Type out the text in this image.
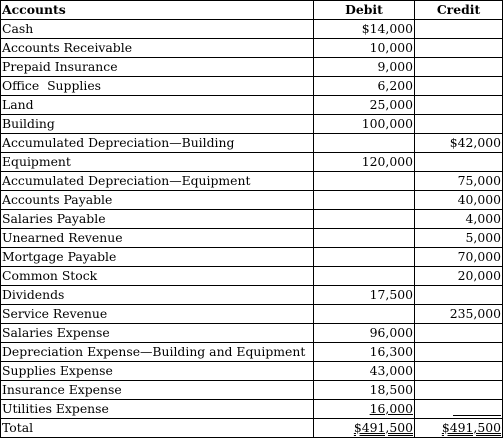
Accounts	Debit	Credit
Cash	$14,000	
Accounts Receivable	10,000	
Prepaid Insurance	9,000	
Office  Supplies	6,200	
Land	25,000	
Building	100,000	
Accumulated Depreciation—Building		$42,000
Equipment	120,000	
Accumulated Depreciation—Equipment		75,000
Accounts Payable		40,000
Salaries Payable		4,000
Unearned Revenue		5,000
Mortgage Payable		70,000
Common Stock		20,000
Dividends	17,500	
Service Revenue		235,000
Salaries Expense	96,000	
Depreciation Expense—Building and Equipment	16,300	
Supplies Expense	43,000	
Insurance Expense	18,500	
Utilities Expense	16,000	
Total	$491,500	$491,500
